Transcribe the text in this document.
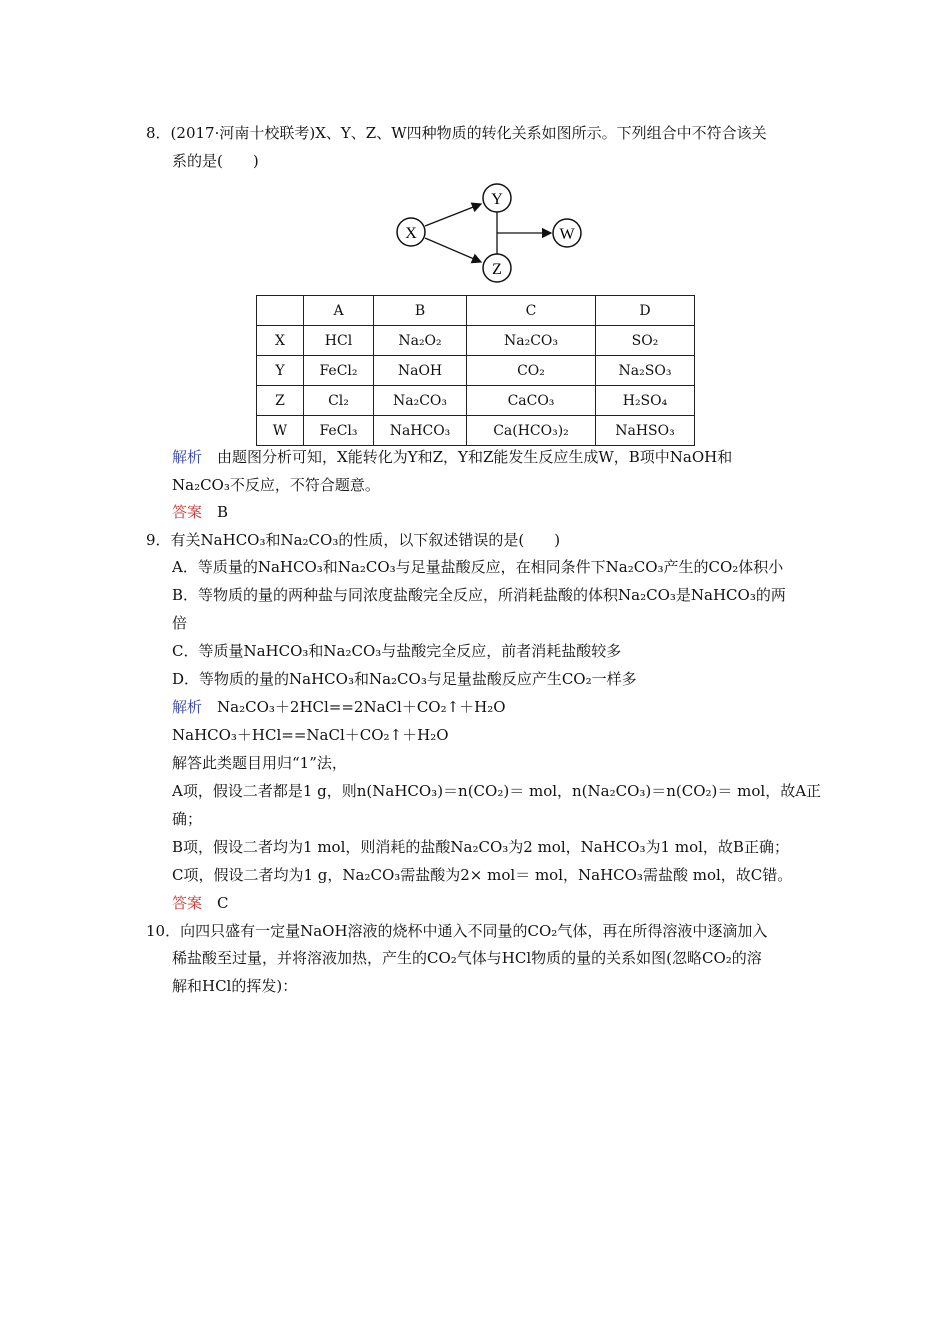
8．(2017·河南十校联考)X、Y、Z、W四种物质的转化关系如图所示。下列组合中不符合该关
系的是(　　)
X
Y
Z
W
	A	B	C	D
X	HCl	Na₂O₂	Na₂CO₃	SO₂
Y	FeCl₂	NaOH	CO₂	Na₂SO₃
Z	Cl₂	Na₂CO₃	CaCO₃	H₂SO₄
W	FeCl₃	NaHCO₃	Ca(HCO₃)₂	NaHSO₃
解析　 由题图分析可知，X能转化为Y和Z，Y和Z能发生反应生成W，B项中NaOH和
Na₂CO₃不反应，不符合题意。
答案　 B
9．有关NaHCO₃和Na₂CO₃的性质，以下叙述错误的是(　　)
A．等质量的NaHCO₃和Na₂CO₃与足量盐酸反应，在相同条件下Na₂CO₃产生的CO₂体积小
B．等物质的量的两种盐与同浓度盐酸完全反应，所消耗盐酸的体积Na₂CO₃是NaHCO₃的两
倍
C．等质量NaHCO₃和Na₂CO₃与盐酸完全反应，前者消耗盐酸较多
D．等物质的量的NaHCO₃和Na₂CO₃与足量盐酸反应产生CO₂一样多
解析　 Na₂CO₃＋2HCl==2NaCl＋CO₂↑＋H₂O
NaHCO₃＋HCl==NaCl＋CO₂↑＋H₂O
解答此类题目用归“1”法，
A项，假设二者都是1 g，则n(NaHCO₃)＝n(CO₂)＝ mol，n(Na₂CO₃)＝n(CO₂)＝ mol，故A正
确；
B项，假设二者均为1 mol，则消耗的盐酸Na₂CO₃为2 mol，NaHCO₃为1 mol，故B正确；
C项，假设二者均为1 g，Na₂CO₃需盐酸为2× mol＝ mol，NaHCO₃需盐酸 mol，故C错。
答案　 C
10．向四只盛有一定量NaOH溶液的烧杯中通入不同量的CO₂气体，再在所得溶液中逐滴加入
稀盐酸至过量，并将溶液加热，产生的CO₂气体与HCl物质的量的关系如图(忽略CO₂的溶
解和HCl的挥发)：
